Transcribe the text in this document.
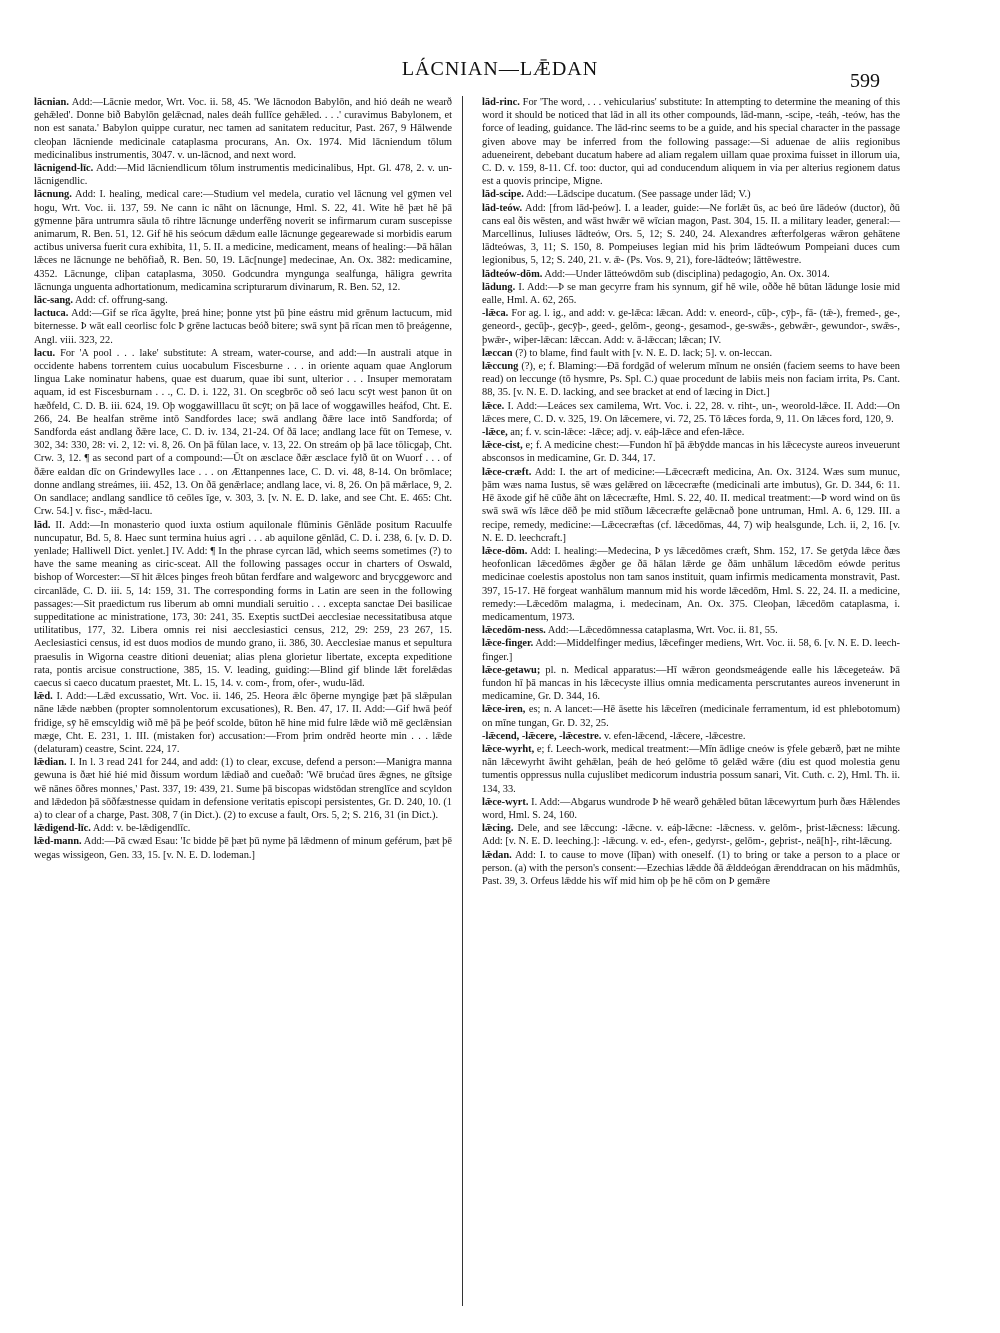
LÁCNIAN—LǢDAN
599

lācnian. Add:—Lācnie medor, Wrt. Voc. ii. 58, 45. 'We lācnodon Babylōn, and hió deáh ne wearð gehǣled'. Donne bið Babylōn gelǣcnad, nales deáh fullīce gehǣled. . . .' curavimus Babylonem, et non est sanata.' Babylon quippe curatur, nec tamen ad sanitatem reducitur, Past. 267, 9 Hālwende cleoþan lācniende medicinale cataplasma procurans, An. Ox. 1974. Mid lācniendum tōlum medicinalibus instrumentis, 3047. v. un-lācnod, and next word.

lācnigend-līc. Add:—Mid lācniendlicum tōlum instrumentis medicinalibus, Hpt. Gl. 478, 2. v. un-lācnigendlic.

lācnung. Add: I. healing, medical care:—Studium vel medela, curatio vel lācnung vel gȳmen vel hogu, Wrt. Voc. ii. 137, 59. Ne cann ic nāht on lācnunge, Hml. S. 22, 41. Wite hē þæt hē þā gȳmenne þāra untrumra sāula tō rihtre lācnunge underfēng noverit se infirmarum curam suscepisse animarum, R. Ben. 51, 12. Gif hē his seócum dǣdum ealle lācnunge gegearewade si morbidis earum actibus universa fuerit cura exhibita, 11, 5. II. a medicine, medicament, means of healing:—Þā hālan lǣces ne lācnunge ne behōfiað, R. Ben. 50, 19. Lāc[nunge] medecinae, An. Ox. 382: medicamine, 4352. Lācnunge, cliþan cataplasma, 3050. Godcundra myngunga sealfunga, hāligra gewrita lācnunga unguenta adhortationum, medicamina scripturarum divinarum, R. Ben. 52, 12.

lāc-sang. Add: cf. offrung-sang.

lactuca. Add:—Gif se rīca āgylte, þreá hine; þonne ytst þū þine eástru mid grēnum lactucum, mid biternesse. Þ wāt eall ceorlisc folc Þ grēne lactucas beóð bitere; swā synt þā rīcan men tō þreágenne, Angl. viii. 323, 22.

lacu. For 'A pool . . . lake' substitute: A stream, water-course, and add:—In australi atque in occidente habens torrentem cuius uocabulum Fiscesburne . . . in oriente aquam quae Anglorum lingua Lake nominatur habens, quae est duarum, quae ibi sunt, ulterior . . . Insuper memoratam aquam, id est Fiscesburnam . . ., C. D. i. 122, 31. On scegbrōc oð seó lacu scȳt west þanon ūt on hæðfeld, C. D. B. iii. 624, 19. Oþ woggawilllacu ūt scȳt; on þā lace of woggawilles heáfod, Cht. E. 266, 24. Be healfan strēme intō Sandfordes lace; swā andlang ðǣre lace intō Sandforda; of Sandforda eást andlang ðǣre lace, C. D. iv. 134, 21-24. Of ðā lace; andlang lace fūt on Temese, v. 302, 34: 330, 28: vi. 2, 12: vi. 8, 26. On þā fūlan lace, v. 13, 22. On streám oþ þā lace tōlicgaþ, Cht. Crw. 3, 12. ¶ as second part of a compound:—Ūt on æsclace ðǣr æsclace fylð ūt on Wuorf . . . of ðǣre ealdan dīc on Grindewylles lace . . . on Ættanpennes lace, C. D. vi. 48, 8-14. On brōmlace; donne andlang streámes, iii. 452, 13. On ðā genǣrlace; andlang lace, vi. 8, 26. On þā mǣrlace, 9, 2. On sandlace; andlang sandlice tō ceōles īge, v. 303, 3. [v. N. E. D. lake, and see Cht. E. 465: Cht. Crw. 54.] v. fisc-, mǣd-lacu.

lād. II. Add:—In monasterio quod iuxta ostium aquilonale flūminis Gēnlāde positum Racuulfe nuncupatur, Bd. 5, 8. Haec sunt termina huius agri . . . ab aquilone gēnlād, C. D. i. 238, 6. [v. D. D. yenlade; Halliwell Dict. yenlet.] IV. Add: ¶ In the phrase cyrcan lād, which seems sometimes (?) to have the same meaning as ciric-sceat. All the following passages occur in charters of Oswald, bishop of Worcester:—Sī hit ǣlces þinges freoh būtan ferdfare and walgeworc and brycggeworc and circanlāde, C. D. iii. 5, 14: 159, 31. The corresponding forms in Latin are seen in the following passages:—Sit praedictum rus liberum ab omni mundiali seruitio . . . excepta sanctae Dei basilicae suppeditatione ac ministratione, 173, 30: 241, 35. Exeptis suctDei aecclesiae necessitatibusa atque utilitatibus, 177, 32. Libera omnis rei nisi aecclesiastici census, 212, 29: 259, 23 267, 15. Aeclesiastici census, id est duos modios de mundo grano, ii. 386, 30. Aecclesiae manus et sepultura praesulis in Wigorna ceastre ditioni deueniat; alias plena glorietur libertate, excepta expeditione rata, pontis arcisue constructione, 385, 15. V. leading, guiding:—Blind gif blinde lǣt forelǣdas caecus si caeco ducatum praestet, Mt. L. 15, 14. v. com-, from, ofer-, wudu-lād.

lǣd. I. Add:—Lǣd excussatio, Wrt. Voc. ii. 146, 25. Heora ǣlc ōþerne myngige þæt þā slǣpulan nāne lǣde næbben (propter somnolentorum excusationes), R. Ben. 47, 17. II. Add:—Gif hwā þeóf fridige, sȳ hē emscyldig wið mē þā þe þeóf scolde, būton hē hine mid fulre lǣde wið mē geclǣnsian mæge, Cht. E. 231, 1. III. (mistaken for) accusation:—From þrim ondrēd heorte min . . . lǣde (delaturam) ceastre, Scint. 224, 17.

lǣdian. I. In l. 3 read 241 for 244, and add: (1) to clear, excuse, defend a person:—Manigra manna gewuna is ðæt hié hié mid ðissum wordum lǣdiað and cueðað: 'Wē bruċad ūres ǣgnes, ne gītsige wē nānes ōðres monnes,' Past. 337, 19: 439, 21. Sume þā biscopas widstōdan strenglīce and scyldon and lǣdedon þā sōðfæstnesse quidam in defensione veritatis episcopi persistentes, Gr. D. 240, 10. (1 a) to clear of a charge, Past. 308, 7 (in Dict.). (2) to excuse a fault, Ors. 5, 2; S. 216, 31 (in Dict.).

lǣdigend-līc. Add: v. be-lǣdigendlīc.

lǣd-mann. Add:—Þā cwæd Esau: 'Ic bidde þē þæt þū nyme þā lǣdmenn of minum geférum, þæt þē wegas wissigeon, Gen. 33, 15. [v. N. E. D. lodeman.]

lād-rinc. For 'The word, . . . vehicularius' substitute: In attempting to determine the meaning of this word it should be noticed that lād in all its other compounds, lād-mann, -scipe, -teáh, -teów, has the force of leading, guidance. The lād-rinc seems to be a guide, and his special character in the passage given above may be inferred from the following passage:—Si aduenae de aliis regionibus adueneirent, debebant ducatum habere ad aliam regalem uillam quae proxima fuisset in illorum uia, C. D. v. 159, 8-11. Cf. too: ductor, qui ad conducendum aliquem in via per alterius regionem datus est a quovis principe, Migne.

lād-scipe. Add:—Lādscipe ducatum. (See passage under lād; V.)

lād-teów. Add: [from lād-þeów]. I. a leader, guide:—Ne forlǣt ūs, ac beó ūre lādeów (ductor), ðū cans eal ðis wēsten, and wāst hwǣr wē wīcian magon, Past. 304, 15. II. a military leader, general:—Marcellinus, Iuliuses lādteów, Ors. 5, 12; S. 240, 24. Alexandres æfterfolgeras wǣron gehātene lādteówas, 3, 11; S. 150, 8. Pompeiuses legian mid his þrim lādteówum Pompeiani duces cum legionibus, 5, 12; S. 240, 21. v. ǣ- (Ps. Vos. 9, 21), fore-lādteów; lāttēwestre.

lādteów-dōm. Add:—Under lātteówdōm sub (disciplina) pedagogio, An. Ox. 3014.

lādung. I. Add:—Þ se man gecyrre fram his synnum, gif hē wile, oððe hē būtan lādunge losie mid ealle, Hml. A. 62, 265.

-lǣca. For ag. l. ig., and add: v. ge-lǣca: lǣcan. Add: v. eneord-, cūþ-, cȳþ-, fā- (tǣ-), fremed-, ge-, geneord-, gecūþ-, gecȳþ-, geed-, gelōm-, geong-, gesamod-, ge-swǣs-, gebwǣr-, gewundor-, swǣs-, þwǣr-, wiþer-lǣcan: lǣccan. Add: v. ā-lǣccan; lǣcan; IV.

læccan (?) to blame, find fault with [v. N. E. D. lack; 5]. v. on-leccan.

lǣccung (?), e; f. Blaming:—Ðā fordgād of welerum mīnum ne onsién (faciem seems to have been read) on leccunge (tō hysmre, Ps. Spl. C.) quae procedunt de labiis meis non faciam irrita, Ps. Cant. 88, 35. [v. N. E. D. lacking, and see bracket at end of læcing in Dict.]

lǣce. I. Add:—Leáces sex camilema, Wrt. Voc. i. 22, 28. v. riht-, un-, weorold-lǣce. II. Add:—On lǣces mere, C. D. v. 325, 19. On lǣcemere, vi. 72, 25. Tō lǣces forda, 9, 11. On lǣces ford, 120, 9.

-lǣce, an; f. v. scin-lǣce: -lǣce; adj. v. eáþ-lǣce and efen-lǣce.

lǣce-cist, e; f. A medicine chest:—Fundon hī þā ǣbȳdde mancas in his lǣcecyste aureos inveuerunt absconsos in medicamine, Gr. D. 344, 17.

lǣce-cræft. Add: I. the art of medicine:—Lǣcecræft medicina, An. Ox. 3124. Wæs sum munuc, þām wæs nama Iustus, sē wæs gelǣred on lǣcecræfte (medicinali arte imbutus), Gr. D. 344, 6: 11. Hē āxode gif hē cūðe āht on lǣcecræfte, Hml. S. 22, 40. II. medical treatment:—Þ word wind on ūs swā swā wīs lǣce dēð þe mid stīðum lǣcecræfte gelǣcnað þone untruman, Hml. A. 6, 129. III. a recipe, remedy, medicine:—Lǣcecræftas (cf. lǣcedōmas, 44, 7) wiþ healsgunde, Lch. ii, 2, 16. [v. N. E. D. leechcraft.]

lǣce-dōm. Add: I. healing:—Medecina, Þ ys lǣcedōmes cræft, Shm. 152, 17. Se getȳda lǣce ðæs heofonlican lǣcedōmes ǣgðer ge ðā hālan lǣrde ge ðām unhālum lǣcedōm eówde peritus medicinae coelestis apostolus non tam sanos instituit, quam infirmis medicamenta monstravit, Past. 397, 15-17. Hē forgeat wanhālum mannum mid his worde lǣcedōm, Hml. S. 22, 24. II. a medicine, remedy:—Lǣcedōm malagma, i. medecinam, An. Ox. 375. Cleoþan, lǣcedōm cataplasma, i. medicamentum, 1973.

lǣcedōm-ness. Add:—Lǣcedōmnessa cataplasma, Wrt. Voc. ii. 81, 55.

lǣce-finger. Add:—Middelfinger medius, lǣcefinger mediens, Wrt. Voc. ii. 58, 6. [v. N. E. D. leech-finger.]

lǣce-getawu; pl. n. Medical apparatus:—Hī wǣron geondsmeágende ealle his lǣcegeteáw. Þā fundon hī þā mancas in his lǣcecyste illius omnia medicamenta perscrutantes aureos invenerunt in medicamine, Gr. D. 344, 16.

lǣce-iren, es; n. A lancet:—Hē āsette his lǣceīren (medicinale ferramentum, id est phlebotomum) on mīne tungan, Gr. D. 32, 25.

-lǣcend, -lǣcere, -lǣcestre. v. efen-lǣcend, -lǣcere, -lǣcestre.

lǣce-wyrht, e; f. Leech-work, medical treatment:—Mīn ādlige cneów is ȳfele gebærð, þæt ne mihte nān lǣcewyrht āwiht gehǣlan, þeáh de heó gelōme tō gelǣd wǣre (diu est quod molestia genu tumentis oppressus nulla cujuslibet medicorum industria possum sanari, Vit. Cuth. c. 2), Hml. Th. ii. 134, 33.

lǣce-wyrt. I. Add:—Abgarus wundrode Þ hē wearð gehǣled būtan lǣcewyrtum þurh ðæs Hǣlendes word, Hml. S. 24, 160.

lǣcing. Dele, and see lǣccung: -lǣcne. v. eáþ-lǣcne: -lǣcness. v. gelōm-, þrist-lǣcness: lǣcung. Add: [v. N. E. D. leeching.]: -lǣcung. v. ed-, efen-, gedyrst-, gelōm-, geþrist-, neā[h]-, riht-lǣcung.

lǣdan. Add: I. to cause to move (līþan) with oneself. (1) to bring or take a person to a place or person. (a) with the person's consent:—Ezechias lǣdde ðā ǣlddeógan ǣrenddracan on his mādmhūs, Past. 39, 3. Orfeus lǣdde his wīf mid him oþ þe hē cōm on Þ gemǣre
